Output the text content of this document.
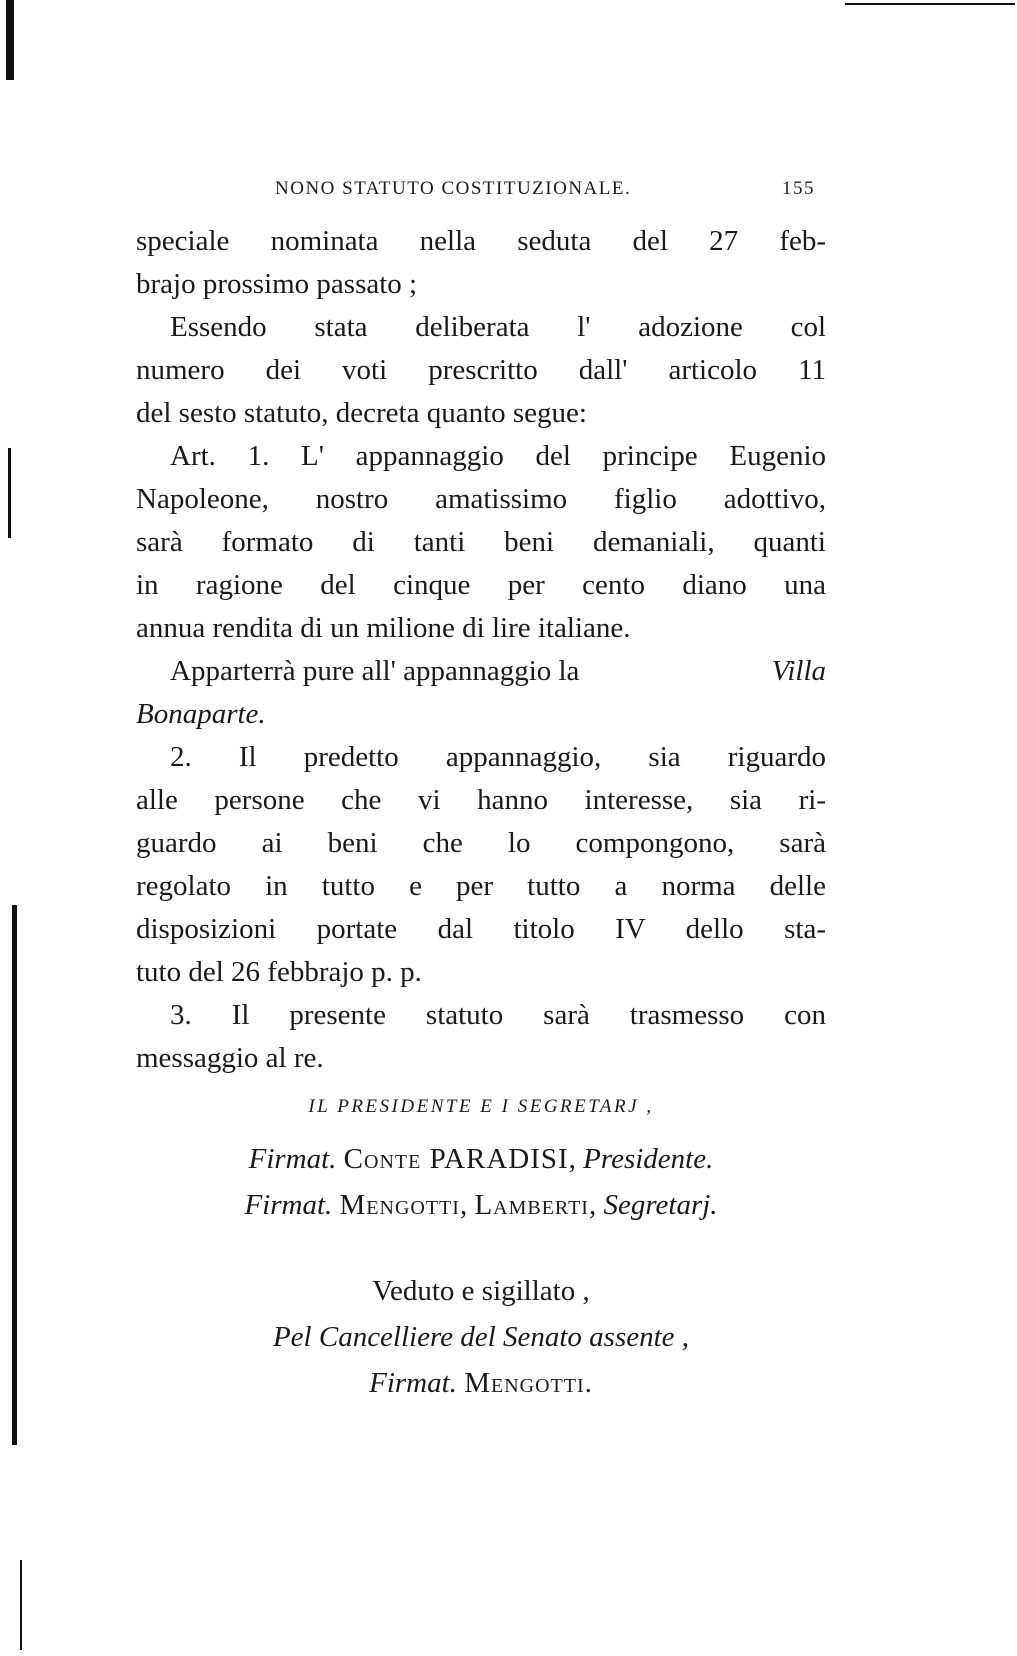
NONO STATUTO COSTITUZIONALE.	155
speciale nominata nella seduta del 27 feb-
brajo prossimo passato ;
Essendo stata deliberata l' adozione col
numero dei voti prescritto dall' articolo 11
del sesto statuto, decreta quanto segue:
Art. 1. L' appannaggio del principe Eugenio
Napoleone, nostro amatissimo figlio adottivo,
sarà formato di tanti beni demaniali, quanti
in ragione del cinque per cento diano una
annua rendita di un milione di lire italiane.
Apparterrà pure all' appannaggio la	Villa
Bonaparte.
2. Il predetto appannaggio, sia riguardo
alle persone che vi hanno interesse, sia ri-
guardo ai beni che lo compongono, sarà
regolato in tutto e per tutto a norma delle
disposizioni portate dal titolo IV dello sta-
tuto del 26 febbrajo p. p.
3. Il presente statuto sarà trasmesso con
messaggio al re.
IL PRESIDENTE E I SEGRETARJ ,
Firmat. Conte PARADISI, Presidente.
Firmat. Mengotti, Lamberti, Segretarj.
Veduto e sigillato ,
Pel Cancelliere del Senato assente ,
Firmat. Mengotti.
